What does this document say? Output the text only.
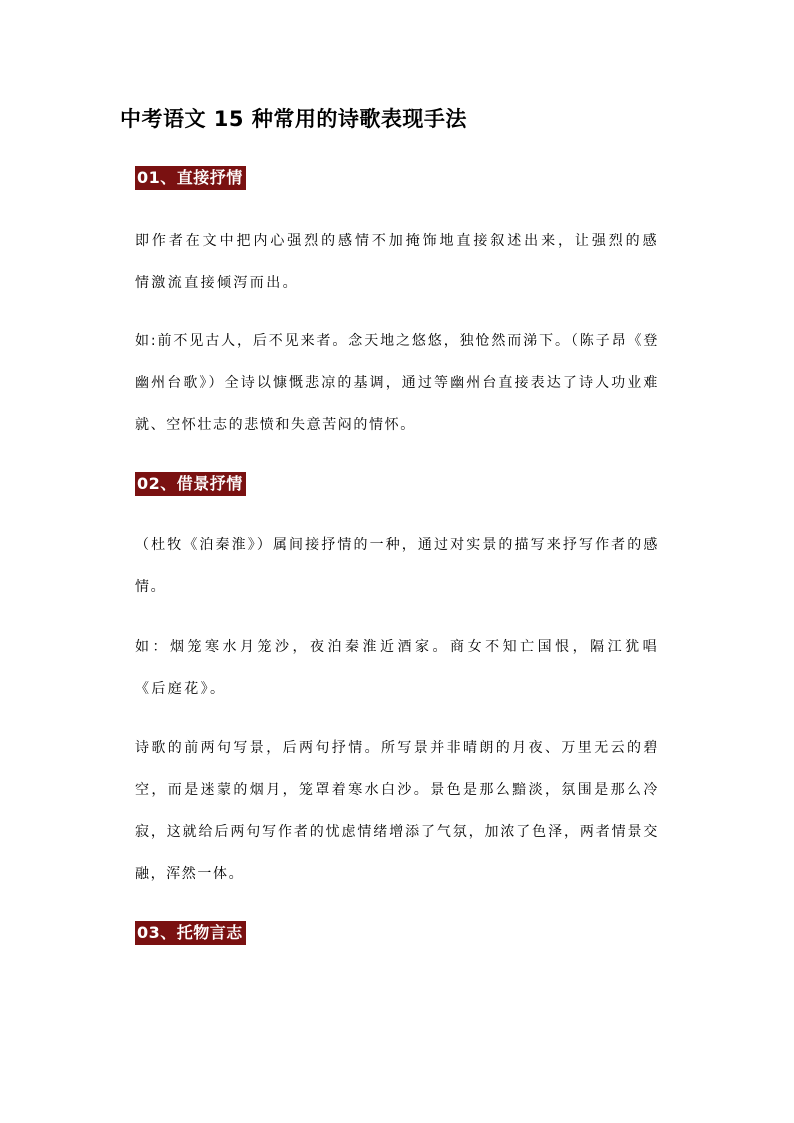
中考语文 15 种常用的诗歌表现手法
01、直接抒情

即作者在文中把内心强烈的感情不加掩饰地直接叙述出来，让强烈的感情激流直接倾泻而出。

如:前不见古人，后不见来者。念天地之悠悠，独怆然而涕下。（陈子昂《登幽州台歌》）全诗以慷慨悲凉的基调，通过等幽州台直接表达了诗人功业难就、空怀壮志的悲愤和失意苦闷的情怀。

02、借景抒情

（杜牧《泊秦淮》）属间接抒情的一种，通过对实景的描写来抒写作者的感情。

如：烟笼寒水月笼沙，夜泊秦淮近酒家。商女不知亡国恨，隔江犹唱《后庭花》。

诗歌的前两句写景，后两句抒情。所写景并非晴朗的月夜、万里无云的碧空，而是迷蒙的烟月，笼罩着寒水白沙。景色是那么黯淡，氛围是那么冷寂，这就给后两句写作者的忧虑情绪增添了气氛，加浓了色泽，两者情景交融，浑然一体。

03、托物言志
